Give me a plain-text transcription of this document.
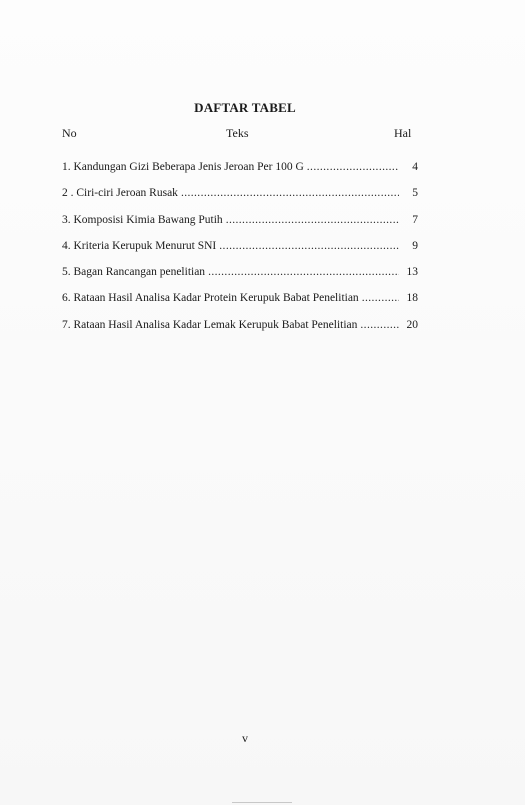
DAFTAR TABEL
No	Teks	Hal
1. Kandungan Gizi Beberapa Jenis Jeroan Per 100 G .....	4
2 . Ciri-ciri Jeroan Rusak .....	5
3. Komposisi Kimia Bawang Putih .....	7
4. Kriteria Kerupuk Menurut SNI .....	9
5. Bagan Rancangan penelitian .....	13
6. Rataan Hasil Analisa Kadar Protein Kerupuk Babat Penelitian .....	18
7. Rataan Hasil Analisa Kadar Lemak Kerupuk Babat Penelitian .....	20
v
